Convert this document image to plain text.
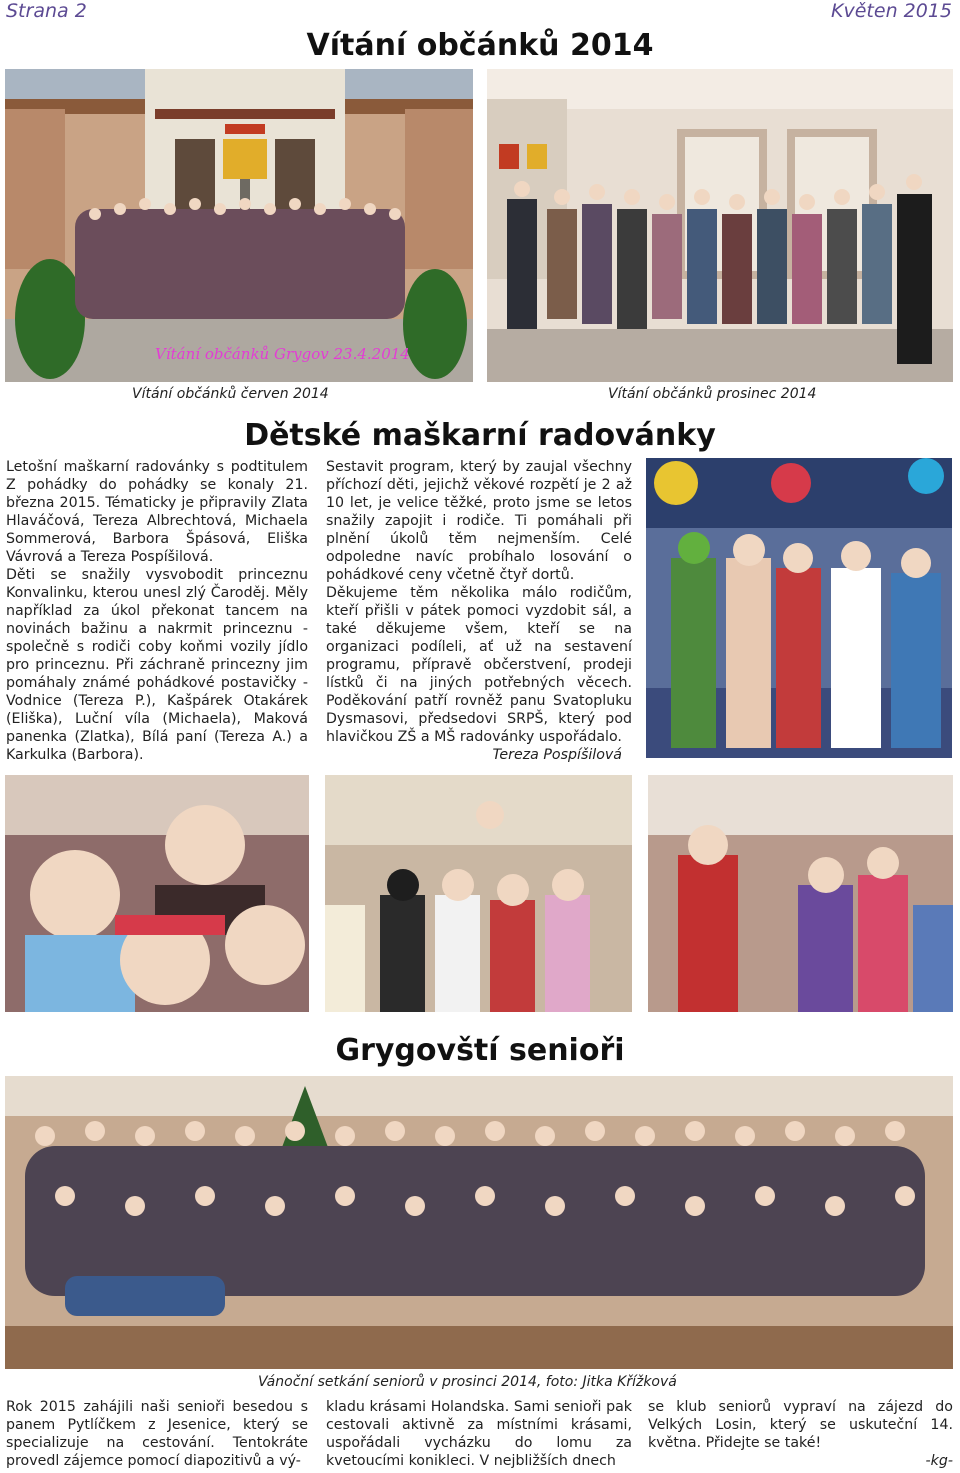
Strana 2	Květen 2015
Vítání občánků 2014
Vítání občánků Grygov 23.4.2014
Vítání občánků červen 2014	Vítání občánků prosinec 2014
Dětské maškarní radovánky

Letošní maškarní radovánky s podtitulem Z pohádky do pohádky se konaly 21. března 2015. Tématicky je připravily Zlata Hlaváčová, Tereza Albrechtová, Michaela Sommerová, Barbora Špásová, Eliška Vávrová a Tereza Pospíšilová.

Děti se snažily vysvobodit princeznu Konvalinku, kterou unesl zlý Čaroděj. Měly například za úkol překonat tancem na novinách bažinu a nakrmit princeznu - společně s rodiči coby koňmi vozily jídlo pro princeznu. Při záchraně princezny jim pomáhaly známé pohádkové postavičky - Vodnice (Tereza P.), Kašpárek Otakárek (Eliška), Luční víla (Michaela), Maková panenka (Zlatka), Bílá paní (Tereza A.) a Karkulka (Barbora).

Sestavit program, který by zaujal všechny příchozí děti, jejichž věkové rozpětí je 2 až 10 let, je velice těžké, proto jsme se letos snažily zapojit i rodiče. Ti pomáhali při plnění úkolů těm nejmenším. Celé odpoledne navíc probíhalo losování o pohádkové ceny včetně čtyř dortů.

Děkujeme těm několika málo rodičům, kteří přišli v pátek pomoci vyzdobit sál, a také děkujeme všem, kteří se na organizaci podíleli, ať už na sestavení programu, přípravě občerstvení, prodeji lístků či na jiných potřebných věcech. Poděkování patří rovněž panu Svatopluku Dysmasovi, předsedovi SRPŠ, který pod hlavičkou ZŠ a MŠ radovánky uspořádalo.

Tereza Pospíšilová

Grygovští senioři
Vánoční setkání seniorů v prosinci 2014, foto: Jitka Křížková

Rok 2015 zahájili naši senioři besedou s panem Pytlíčkem z Jesenice, který se specializuje na cestování. Tentokráte provedl zájemce pomocí diapozitivů a vý-

kladu krásami Holandska. Sami senioři pak cestovali aktivně za místními krásami, uspořádali vycházku do lomu za kvetoucími konikleci. V nejbližších dnech

se klub seniorů vypraví na zájezd do Velkých Losin, který se uskuteční 14. května. Přidejte se také!

-kg-
